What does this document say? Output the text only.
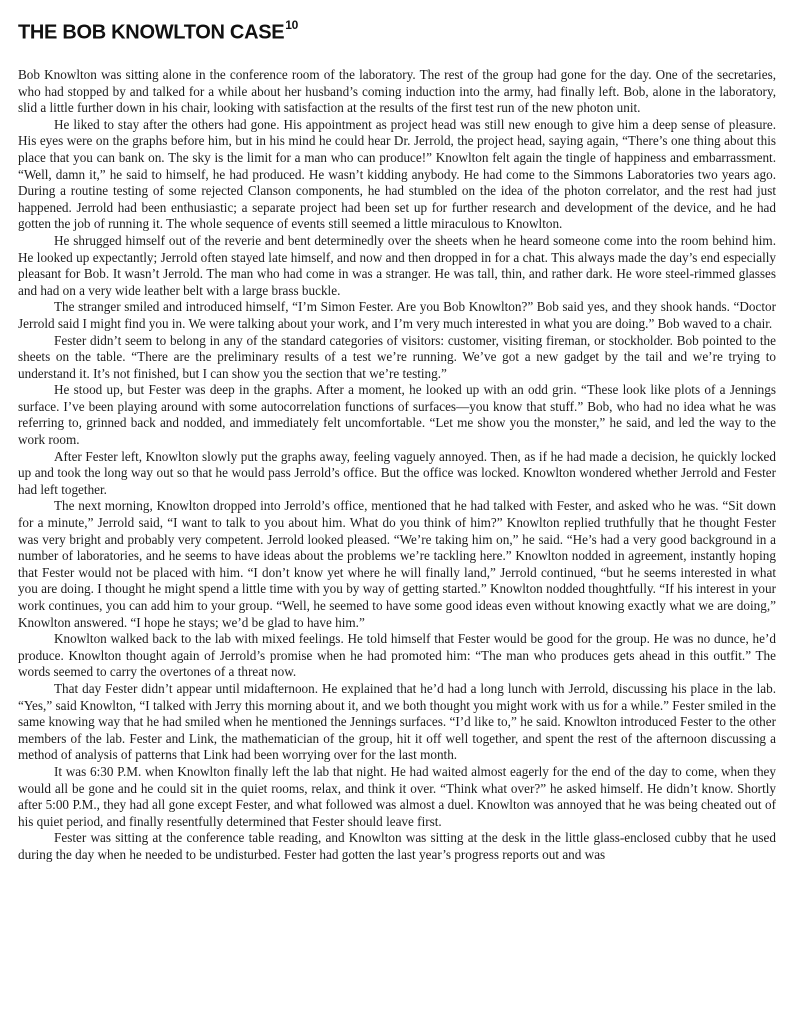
THE BOB KNOWLTON CASE$^{10}$

Bob Knowlton was sitting alone in the conference room of the laboratory. The rest of the group had gone for the day. One of the secretaries, who had stopped by and talked for a while about her husband’s coming induction into the army, had finally left. Bob, alone in the laboratory, slid a little further down in his chair, looking with satisfaction at the results of the first test run of the new photon unit.

He liked to stay after the others had gone. His appointment as project head was still new enough to give him a deep sense of pleasure. His eyes were on the graphs before him, but in his mind he could hear Dr. Jerrold, the project head, saying again, “There’s one thing about this place that you can bank on. The sky is the limit for a man who can produce!” Knowlton felt again the tingle of happiness and embarrassment. “Well, damn it,” he said to himself, he had produced. He wasn’t kidding anybody. He had come to the Simmons Laboratories two years ago. During a routine testing of some rejected Clanson components, he had stumbled on the idea of the photon correlator, and the rest had just happened. Jerrold had been enthusiastic; a separate project had been set up for further research and development of the device, and he had gotten the job of running it. The whole sequence of events still seemed a little miraculous to Knowlton.

He shrugged himself out of the reverie and bent determinedly over the sheets when he heard someone come into the room behind him. He looked up expectantly; Jerrold often stayed late himself, and now and then dropped in for a chat. This always made the day’s end especially pleasant for Bob. It wasn’t Jerrold. The man who had come in was a stranger. He was tall, thin, and rather dark. He wore steel-rimmed glasses and had on a very wide leather belt with a large brass buckle.

The stranger smiled and introduced himself, “I’m Simon Fester. Are you Bob Knowlton?” Bob said yes, and they shook hands. “Doctor Jerrold said I might find you in. We were talking about your work, and I’m very much interested in what you are doing.” Bob waved to a chair.

Fester didn’t seem to belong in any of the standard categories of visitors: customer, visiting fireman, or stockholder. Bob pointed to the sheets on the table. “There are the preliminary results of a test we’re running. We’ve got a new gadget by the tail and we’re trying to understand it. It’s not finished, but I can show you the section that we’re testing.”

He stood up, but Fester was deep in the graphs. After a moment, he looked up with an odd grin. “These look like plots of a Jennings surface. I’ve been playing around with some autocorrelation functions of surfaces—you know that stuff.” Bob, who had no idea what he was referring to, grinned back and nodded, and immediately felt uncomfortable. “Let me show you the monster,” he said, and led the way to the work room.

After Fester left, Knowlton slowly put the graphs away, feeling vaguely annoyed. Then, as if he had made a decision, he quickly locked up and took the long way out so that he would pass Jerrold’s office. But the office was locked. Knowlton wondered whether Jerrold and Fester had left together.

The next morning, Knowlton dropped into Jerrold’s office, mentioned that he had talked with Fester, and asked who he was. “Sit down for a minute,” Jerrold said, “I want to talk to you about him. What do you think of him?” Knowlton replied truthfully that he thought Fester was very bright and probably very competent. Jerrold looked pleased. “We’re taking him on,” he said. “He’s had a very good background in a number of laboratories, and he seems to have ideas about the problems we’re tackling here.” Knowlton nodded in agreement, instantly hoping that Fester would not be placed with him. “I don’t know yet where he will finally land,” Jerrold continued, “but he seems interested in what you are doing. I thought he might spend a little time with you by way of getting started.” Knowlton nodded thoughtfully. “If his interest in your work continues, you can add him to your group. “Well, he seemed to have some good ideas even without knowing exactly what we are doing,” Knowlton answered. “I hope he stays; we’d be glad to have him.”

Knowlton walked back to the lab with mixed feelings. He told himself that Fester would be good for the group. He was no dunce, he’d produce. Knowlton thought again of Jerrold’s promise when he had promoted him: “The man who produces gets ahead in this outfit.” The words seemed to carry the overtones of a threat now.

That day Fester didn’t appear until midafternoon. He explained that he’d had a long lunch with Jerrold, discussing his place in the lab. “Yes,” said Knowlton, “I talked with Jerry this morning about it, and we both thought you might work with us for a while.” Fester smiled in the same knowing way that he had smiled when he mentioned the Jennings surfaces. “I’d like to,” he said. Knowlton introduced Fester to the other members of the lab. Fester and Link, the mathematician of the group, hit it off well together, and spent the rest of the afternoon discussing a method of analysis of patterns that Link had been worrying over for the last month.

It was 6:30 P.M. when Knowlton finally left the lab that night. He had waited almost eagerly for the end of the day to come, when they would all be gone and he could sit in the quiet rooms, relax, and think it over. “Think what over?” he asked himself. He didn’t know. Shortly after 5:00 P.M., they had all gone except Fester, and what followed was almost a duel. Knowlton was annoyed that he was being cheated out of his quiet period, and finally resentfully determined that Fester should leave first.

Fester was sitting at the conference table reading, and Knowlton was sitting at the desk in the little glass-enclosed cubby that he used during the day when he needed to be undisturbed. Fester had gotten the last year’s progress reports out and was
